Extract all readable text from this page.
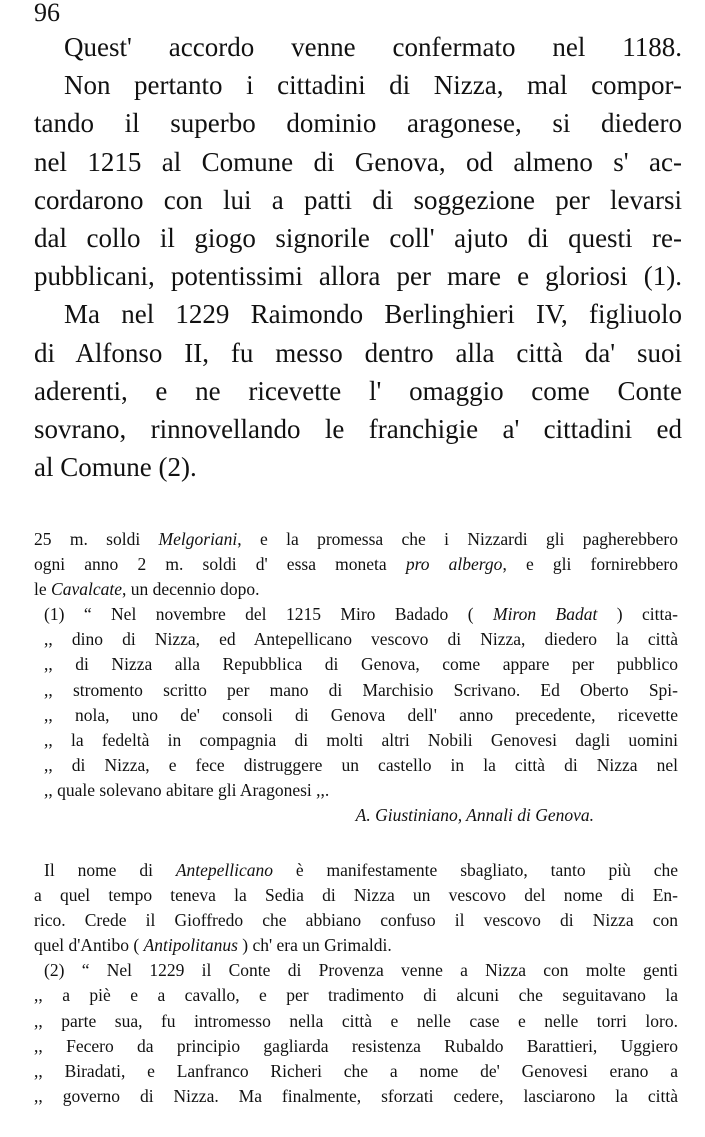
96
Quest' accordo venne confermato nel 1188.
Non pertanto i cittadini di Nizza, mal compor-
tando il superbo dominio aragonese, si diedero
nel 1215 al Comune di Genova, od almeno s' ac-
cordarono con lui a patti di soggezione per levarsi
dal collo il giogo signorile coll' ajuto di questi re-
pubblicani, potentissimi allora per mare e gloriosi (1).
Ma nel 1229 Raimondo Berlinghieri IV, figliuolo
di Alfonso II, fu messo dentro alla città da' suoi
aderenti, e ne ricevette l' omaggio come Conte
sovrano, rinnovellando le franchigie a' cittadini ed
al Comune (2).
25 m. soldi Melgoriani, e la promessa che i Nizzardi gli pagherebbero
ogni anno 2 m. soldi d' essa moneta pro albergo, e gli fornirebbero
le Cavalcate, un decennio dopo.
(1) “ Nel novembre del 1215 Miro Badado ( Miron Badat ) citta-
,, dino di Nizza, ed Antepellicano vescovo di Nizza, diedero la città
,, di Nizza alla Repubblica di Genova, come appare per pubblico
,, stromento scritto per mano di Marchisio Scrivano. Ed Oberto Spi-
,, nola, uno de' consoli di Genova dell' anno precedente, ricevette
,, la fedeltà in compagnia di molti altri Nobili Genovesi dagli uomini
,, di Nizza, e fece distruggere un castello in la città di Nizza nel
,, quale solevano abitare gli Aragonesi ,,.
A. Giustiniano, Annali di Genova.
Il nome di Antepellicano è manifestamente sbagliato, tanto più che
a quel tempo teneva la Sedia di Nizza un vescovo del nome di En-
rico. Crede il Gioffredo che abbiano confuso il vescovo di Nizza con
quel d'Antibo ( Antipolitanus ) ch' era un Grimaldi.
(2) “ Nel 1229 il Conte di Provenza venne a Nizza con molte genti
,, a piè e a cavallo, e per tradimento di alcuni che seguitavano la
,, parte sua, fu intromesso nella città e nelle case e nelle torri loro.
,, Fecero da principio gagliarda resistenza Rubaldo Barattieri, Uggiero
,, Biradati, e Lanfranco Richeri che a nome de' Genovesi erano a
,, governo di Nizza. Ma finalmente, sforzati cedere, lasciarono la città
